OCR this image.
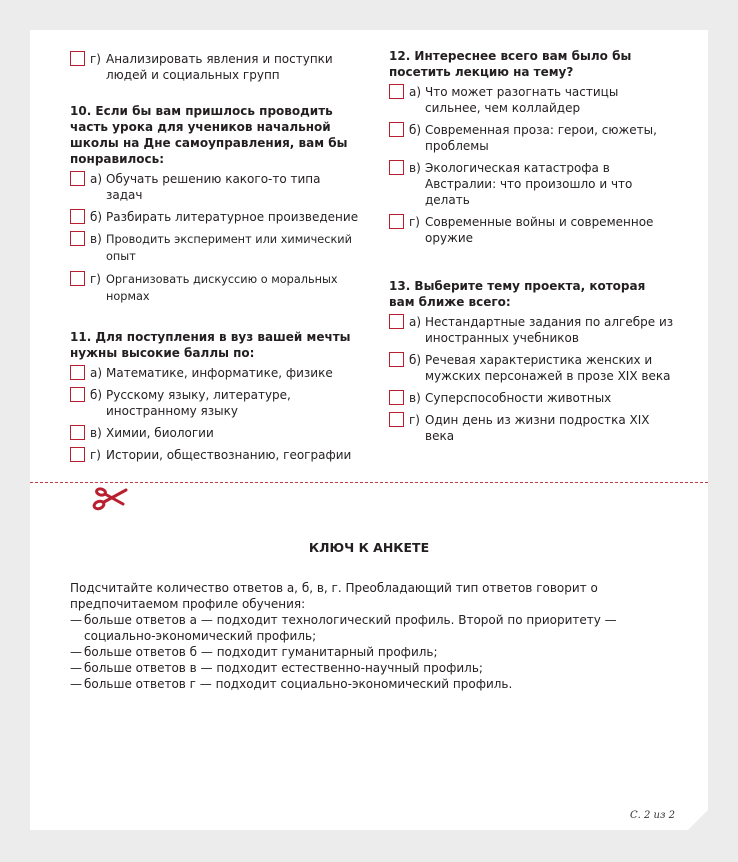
г) Анализировать явления и поступки людей и социальных групп

10. Если бы вам пришлось проводить часть урока для учеников начальной школы на Дне самоуправления, вам бы понравилось:

а) Обучать решению какого-то типа задач
б) Разбирать литературное произведение
в) Проводить эксперимент или химический опыт
г) Организовать дискуссию о моральных нормах

11. Для поступления в вуз вашей мечты нужны высокие баллы по:

а) Математике, информатике, физике
б) Русскому языку, литературе, иностранному языку
в) Химии, биологии
г) Истории, обществознанию, географии

12. Интереснее всего вам было бы посетить лекцию на тему?

а) Что может разогнать частицы сильнее, чем коллайдер
б) Современная проза: герои, сюжеты, проблемы
в) Экологическая катастрофа в Австралии: что произошло и что делать
г) Современные войны и современное оружие

13. Выберите тему проекта, которая вам ближе всего:

а) Нестандартные задания по алгебре из иностранных учебников
б) Речевая характеристика женских и мужских персонажей в прозе XIX века
в) Суперспособности животных
г) Один день из жизни подростка XIX века
КЛЮЧ К АНКЕТЕ

Подсчитайте количество ответов а, б, в, г. Преобладающий тип ответов говорит о предпочитаемом профиле обучения:

— больше ответов а — подходит технологический профиль. Второй по приоритету — социально-экономический профиль;
— больше ответов б — подходит гуманитарный профиль;
— больше ответов в — подходит естественно-научный профиль;
— больше ответов г — подходит социально-экономический профиль.
С. 2 из 2
